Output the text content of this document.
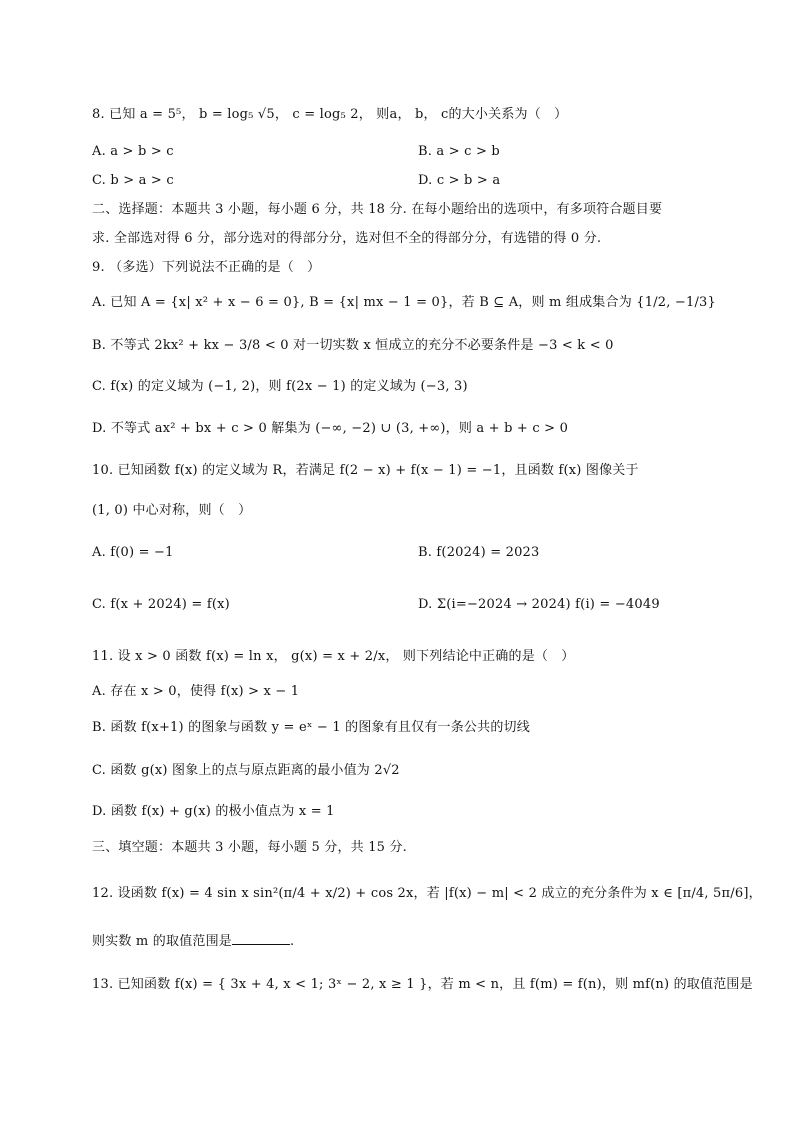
8. 已知 a = 5⁵， b = log₅ √5， c = log₅ 2， 则a， b， c的大小关系为（　）
A. a > b > c	B. a > c > b
C. b > a > c	D. c > b > a
二、选择题：本题共 3 小题，每小题 6 分，共 18 分. 在每小题给出的选项中，有多项符合题目要
求. 全部选对得 6 分，部分选对的得部分分，选对但不全的得部分分，有选错的得 0 分.
9. （多选）下列说法不正确的是（　）
A. 已知 A = {x| x² + x − 6 = 0}, B = {x| mx − 1 = 0}，若 B ⊆ A，则 m 组成集合为 {1/2, −1/3}
B. 不等式 2kx² + kx − 3/8 < 0 对一切实数 x 恒成立的充分不必要条件是 −3 < k < 0
C. f(x) 的定义域为 (−1, 2)，则 f(2x − 1) 的定义域为 (−3, 3)
D. 不等式 ax² + bx + c > 0 解集为 (−∞, −2) ∪ (3, +∞)，则 a + b + c > 0
10. 已知函数 f(x) 的定义域为 R，若满足 f(2 − x) + f(x − 1) = −1，且函数 f(x) 图像关于
(1, 0) 中心对称，则（　）
A. f(0) = −1	B. f(2024) = 2023
C. f(x + 2024) = f(x)	D. Σ(i=−2024 → 2024) f(i) = −4049
11. 设 x > 0 函数 f(x) = ln x， g(x) = x + 2/x， 则下列结论中正确的是（　）
A. 存在 x > 0，使得 f(x) > x − 1
B. 函数 f(x+1) 的图象与函数 y = eˣ − 1 的图象有且仅有一条公共的切线
C. 函数 g(x) 图象上的点与原点距离的最小值为 2√2
D. 函数 f(x) + g(x) 的极小值点为 x = 1
三、填空题：本题共 3 小题，每小题 5 分，共 15 分.
12. 设函数 f(x) = 4 sin x sin²(π/4 + x/2) + cos 2x，若 |f(x) − m| < 2 成立的充分条件为 x ∈ [π/4, 5π/6]，
则实数 m 的取值范围是	.
13. 已知函数 f(x) = { 3x + 4, x < 1; 3ˣ − 2, x ≥ 1 }，若 m < n，且 f(m) = f(n)，则 mf(n) 的取值范围是
